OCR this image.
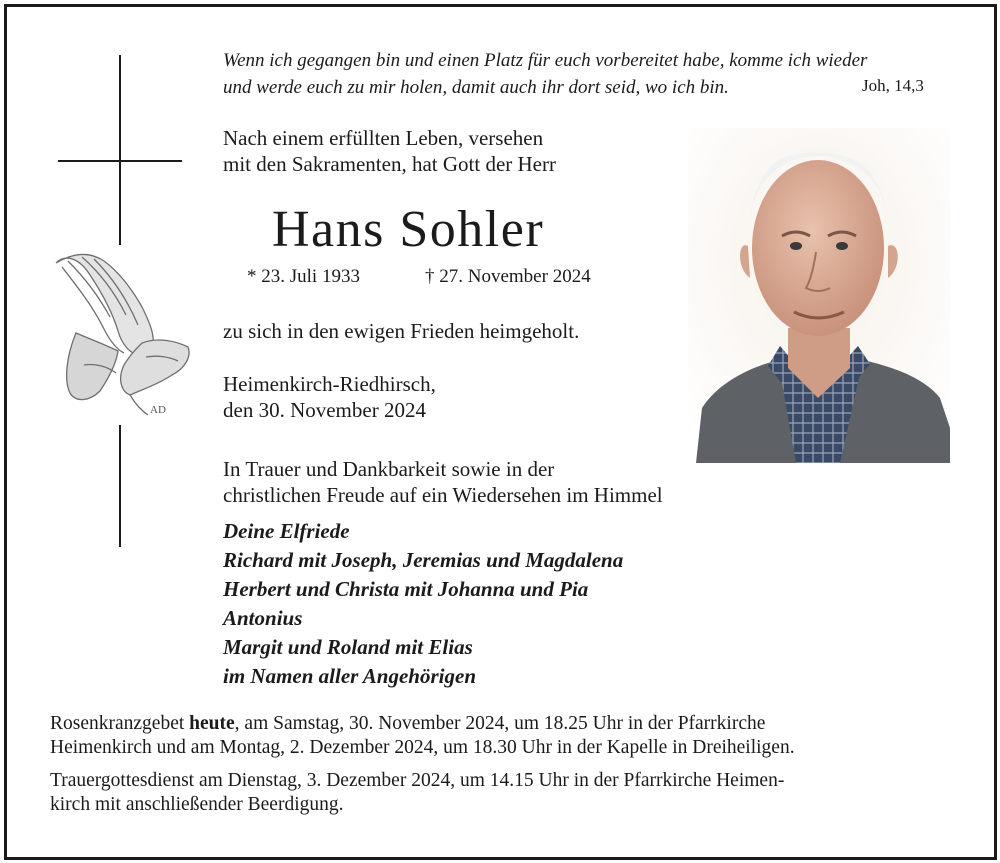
AD
Wenn ich gegangen bin und einen Platz für euch vorbereitet habe, komme ich wieder
und werde euch zu mir holen, damit auch ihr dort seid, wo ich bin.	Joh, 14,3
Nach einem erfüllten Leben, versehen
mit den Sakramenten, hat Gott der Herr
Hans Sohler
* 23. Juli 1933	† 27. November 2024
zu sich in den ewigen Frieden heimgeholt.
Heimenkirch-Riedhirsch,
den 30. November 2024
In Trauer und Dankbarkeit sowie in der
christlichen Freude auf ein Wiedersehen im Himmel
Deine Elfriede
Richard mit Joseph, Jeremias und Magdalena
Herbert und Christa mit Johanna und Pia
Antonius
Margit und Roland mit Elias
im Namen aller Angehörigen
Rosenkranzgebet heute, am Samstag, 30. November 2024, um 18.25 Uhr in der Pfarrkirche
Heimenkirch und am Montag, 2. Dezember 2024, um 18.30 Uhr in der Kapelle in Dreiheiligen.
Trauergottesdienst am Dienstag, 3. Dezember 2024, um 14.15 Uhr in der Pfarrkirche Heimen-
kirch mit anschließender Beerdigung.
